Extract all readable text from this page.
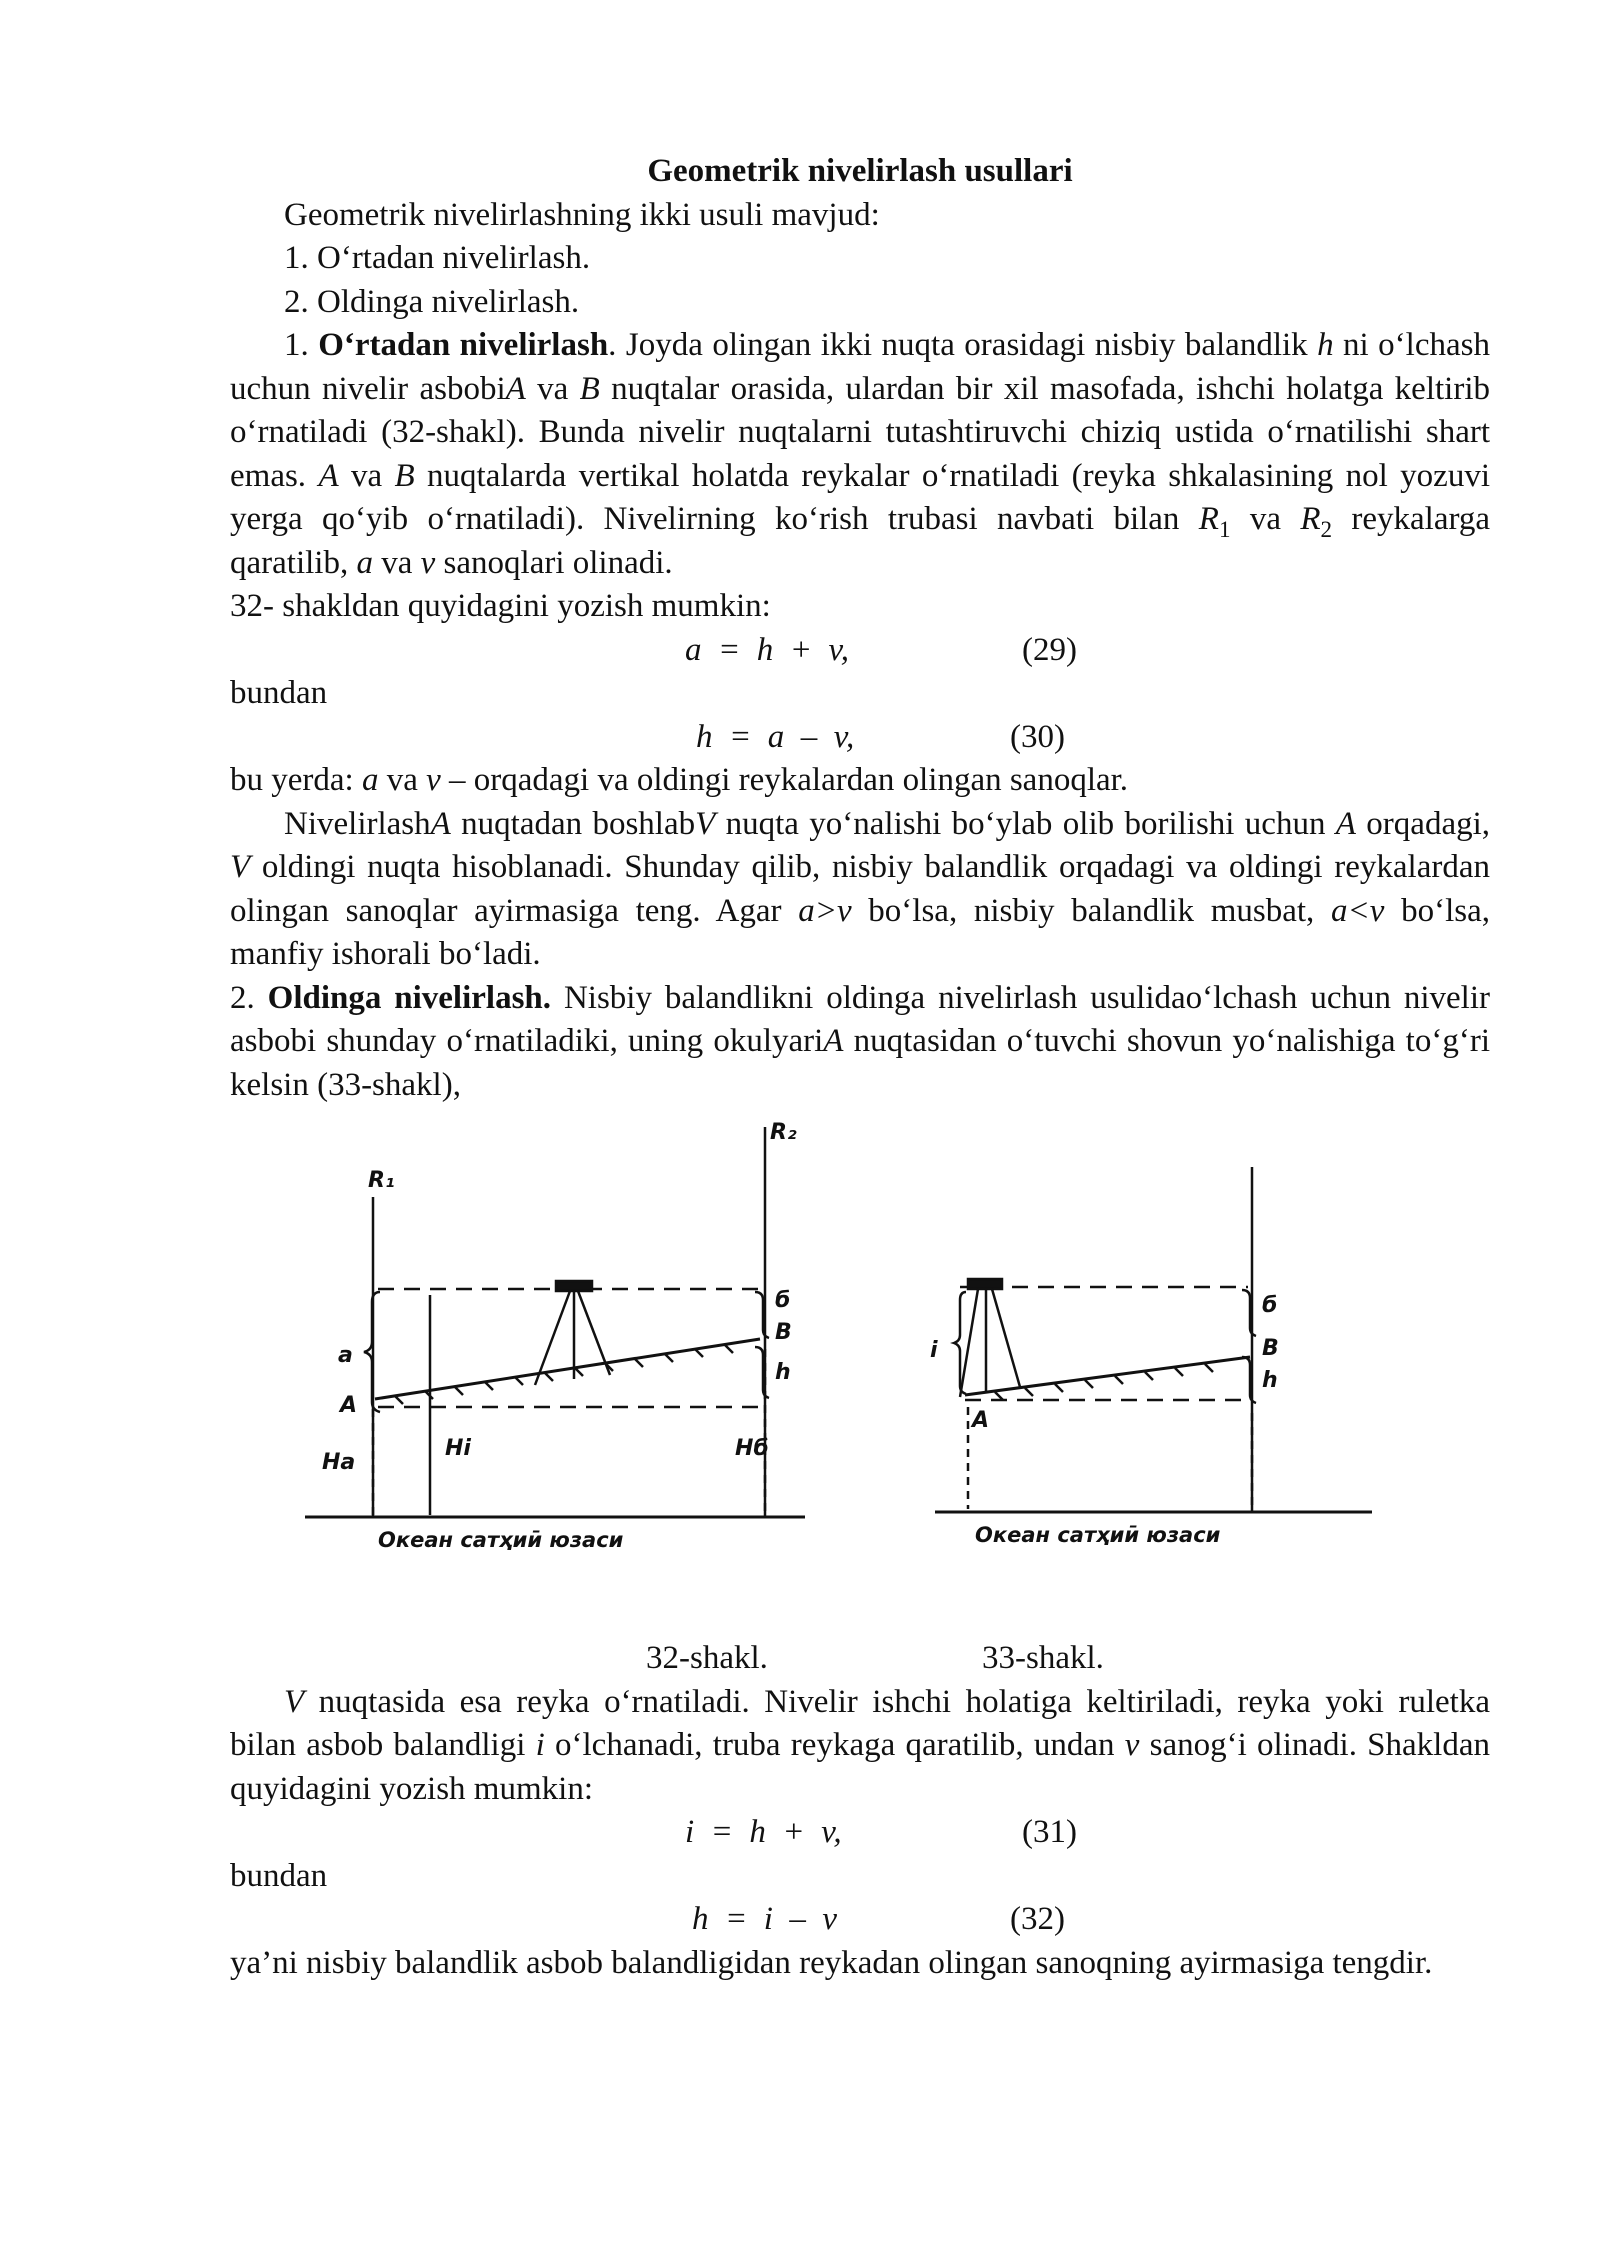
Geometrik nivelirlash usullari

Geometrik nivelirlashning ikki usuli mavjud:

1. Oʻrtadan nivelirlash.

2. Oldinga nivelirlash.

1. Oʻrtadan nivelirlash. Joyda olingan ikki nuqta orasidagi nisbiy balandlik h ni oʻlchash uchun nivelir asbobiA va B nuqtalar orasida, ulardan bir xil masofada, ishchi holatga keltirib oʻrnatiladi (32-shakl). Bunda nivelir nuqtalarni tutashtiruvchi chiziq ustida oʻrnatilishi shart emas. A va B nuqtalarda vertikal holatda reykalar oʻrnatiladi (reyka shkalasining nol yozuvi yerga qoʻyib oʻrnatiladi). Nivelirning koʻrish trubasi navbati bilan $R_1$ va $R_2$ reykalarga qaratilib, a va v sanoqlari olinadi.

32- shakldan quyidagini yozish mumkin:

a  =  h  +  v,	(29)

bundan

h  =  a  –  v,	(30)

bu yerda: a va v – orqadagi va oldingi reykalardan olingan sanoqlar.

NivelirlashA nuqtadan boshlabV nuqta yoʻnalishi boʻylab olib borilishi uchun A orqadagi, V oldingi nuqta hisoblanadi. Shunday qilib, nisbiy balandlik orqadagi va oldingi reykalardan olingan sanoqlar ayirmasiga teng. Agar a>v boʻlsa, nisbiy balandlik musbat, a<v boʻlsa, manfiy ishorali boʻladi.

2. Oldinga nivelirlash. Nisbiy balandlikni oldinga nivelirlash usulidaoʻlchash uchun nivelir asbobi shunday oʻrnatiladiki, uning okulyariA nuqtasidan oʻtuvchi shovun yoʻnalishiga toʻgʻri kelsin (33-shakl),

R₁
R₂
a
A
б
B
h
Ha
Hi	Hб
Океан сатҳиӣ юзаси
i
A
б
B
h
Океан сатҳиӣ юзаси
32-shakl.	33-shakl.

V nuqtasida esa reyka oʻrnatiladi. Nivelir ishchi holatiga keltiriladi, reyka yoki ruletka bilan asbob balandligi i oʻlchanadi, truba reykaga qaratilib, undan v sanogʻi olinadi. Shakldan quyidagini yozish mumkin:

i  =  h  +  v,	(31)

bundan

h  =  i  –  v	(32)

ya’ni nisbiy balandlik asbob balandligidan reykadan olingan sanoqning ayirmasiga tengdir.
